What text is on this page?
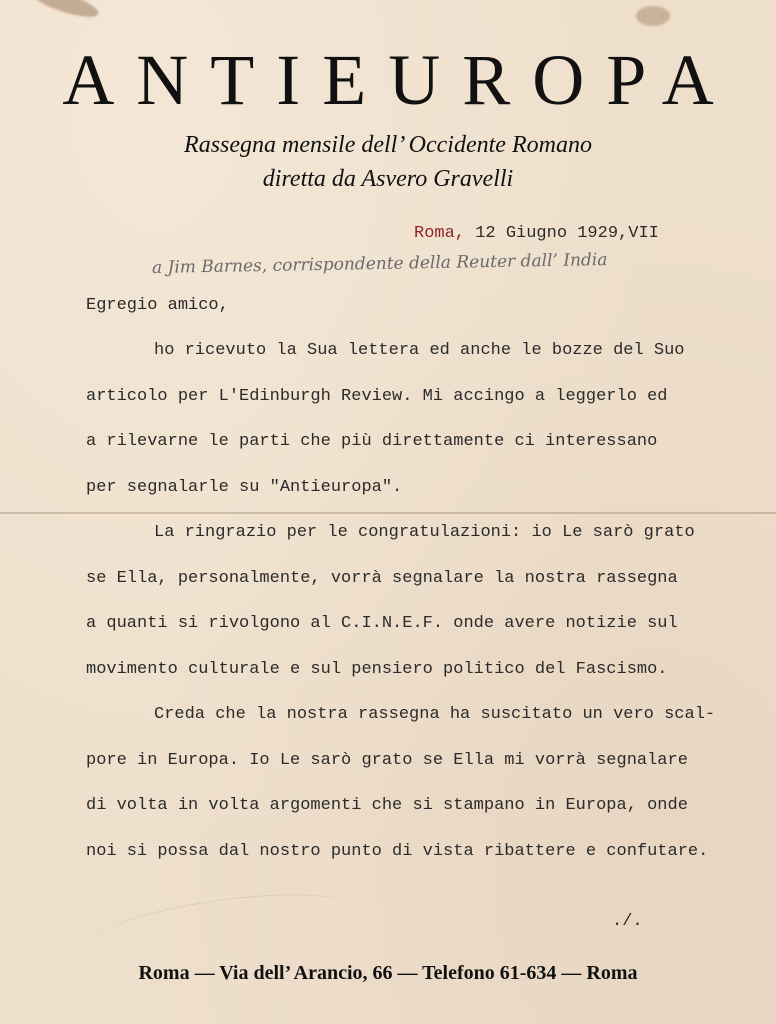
ANTIEUROPA
Rassegna mensile dell’ Occidente Romano
diretta da Asvero Gravelli
Roma, 12 Giugno 1929,VII
a Jim Barnes, corrispondente della Reuter dall’ India
Egregio amico,
ho ricevuto la Sua lettera ed anche le bozze del Suo
articolo per L'Edinburgh Review. Mi accingo a leggerlo ed
a rilevarne le parti che più direttamente ci interessano
per segnalarle su "Antieuropa".
La ringrazio per le congratulazioni: io Le sarò grato
se Ella, personalmente, vorrà segnalare la nostra rassegna
a quanti si rivolgono al C.I.N.E.F. onde avere notizie sul
movimento culturale e sul pensiero politico del Fascismo.
Creda che la nostra rassegna ha suscitato un vero scal-
pore in Europa. Io Le sarò grato se Ella mi vorrà segnalare
di volta in volta argomenti che si stampano in Europa, onde
noi si possa dal nostro punto di vista ribattere e confutare.
./.
Roma — Via dell’ Arancio, 66 — Telefono 61-634 — Roma
